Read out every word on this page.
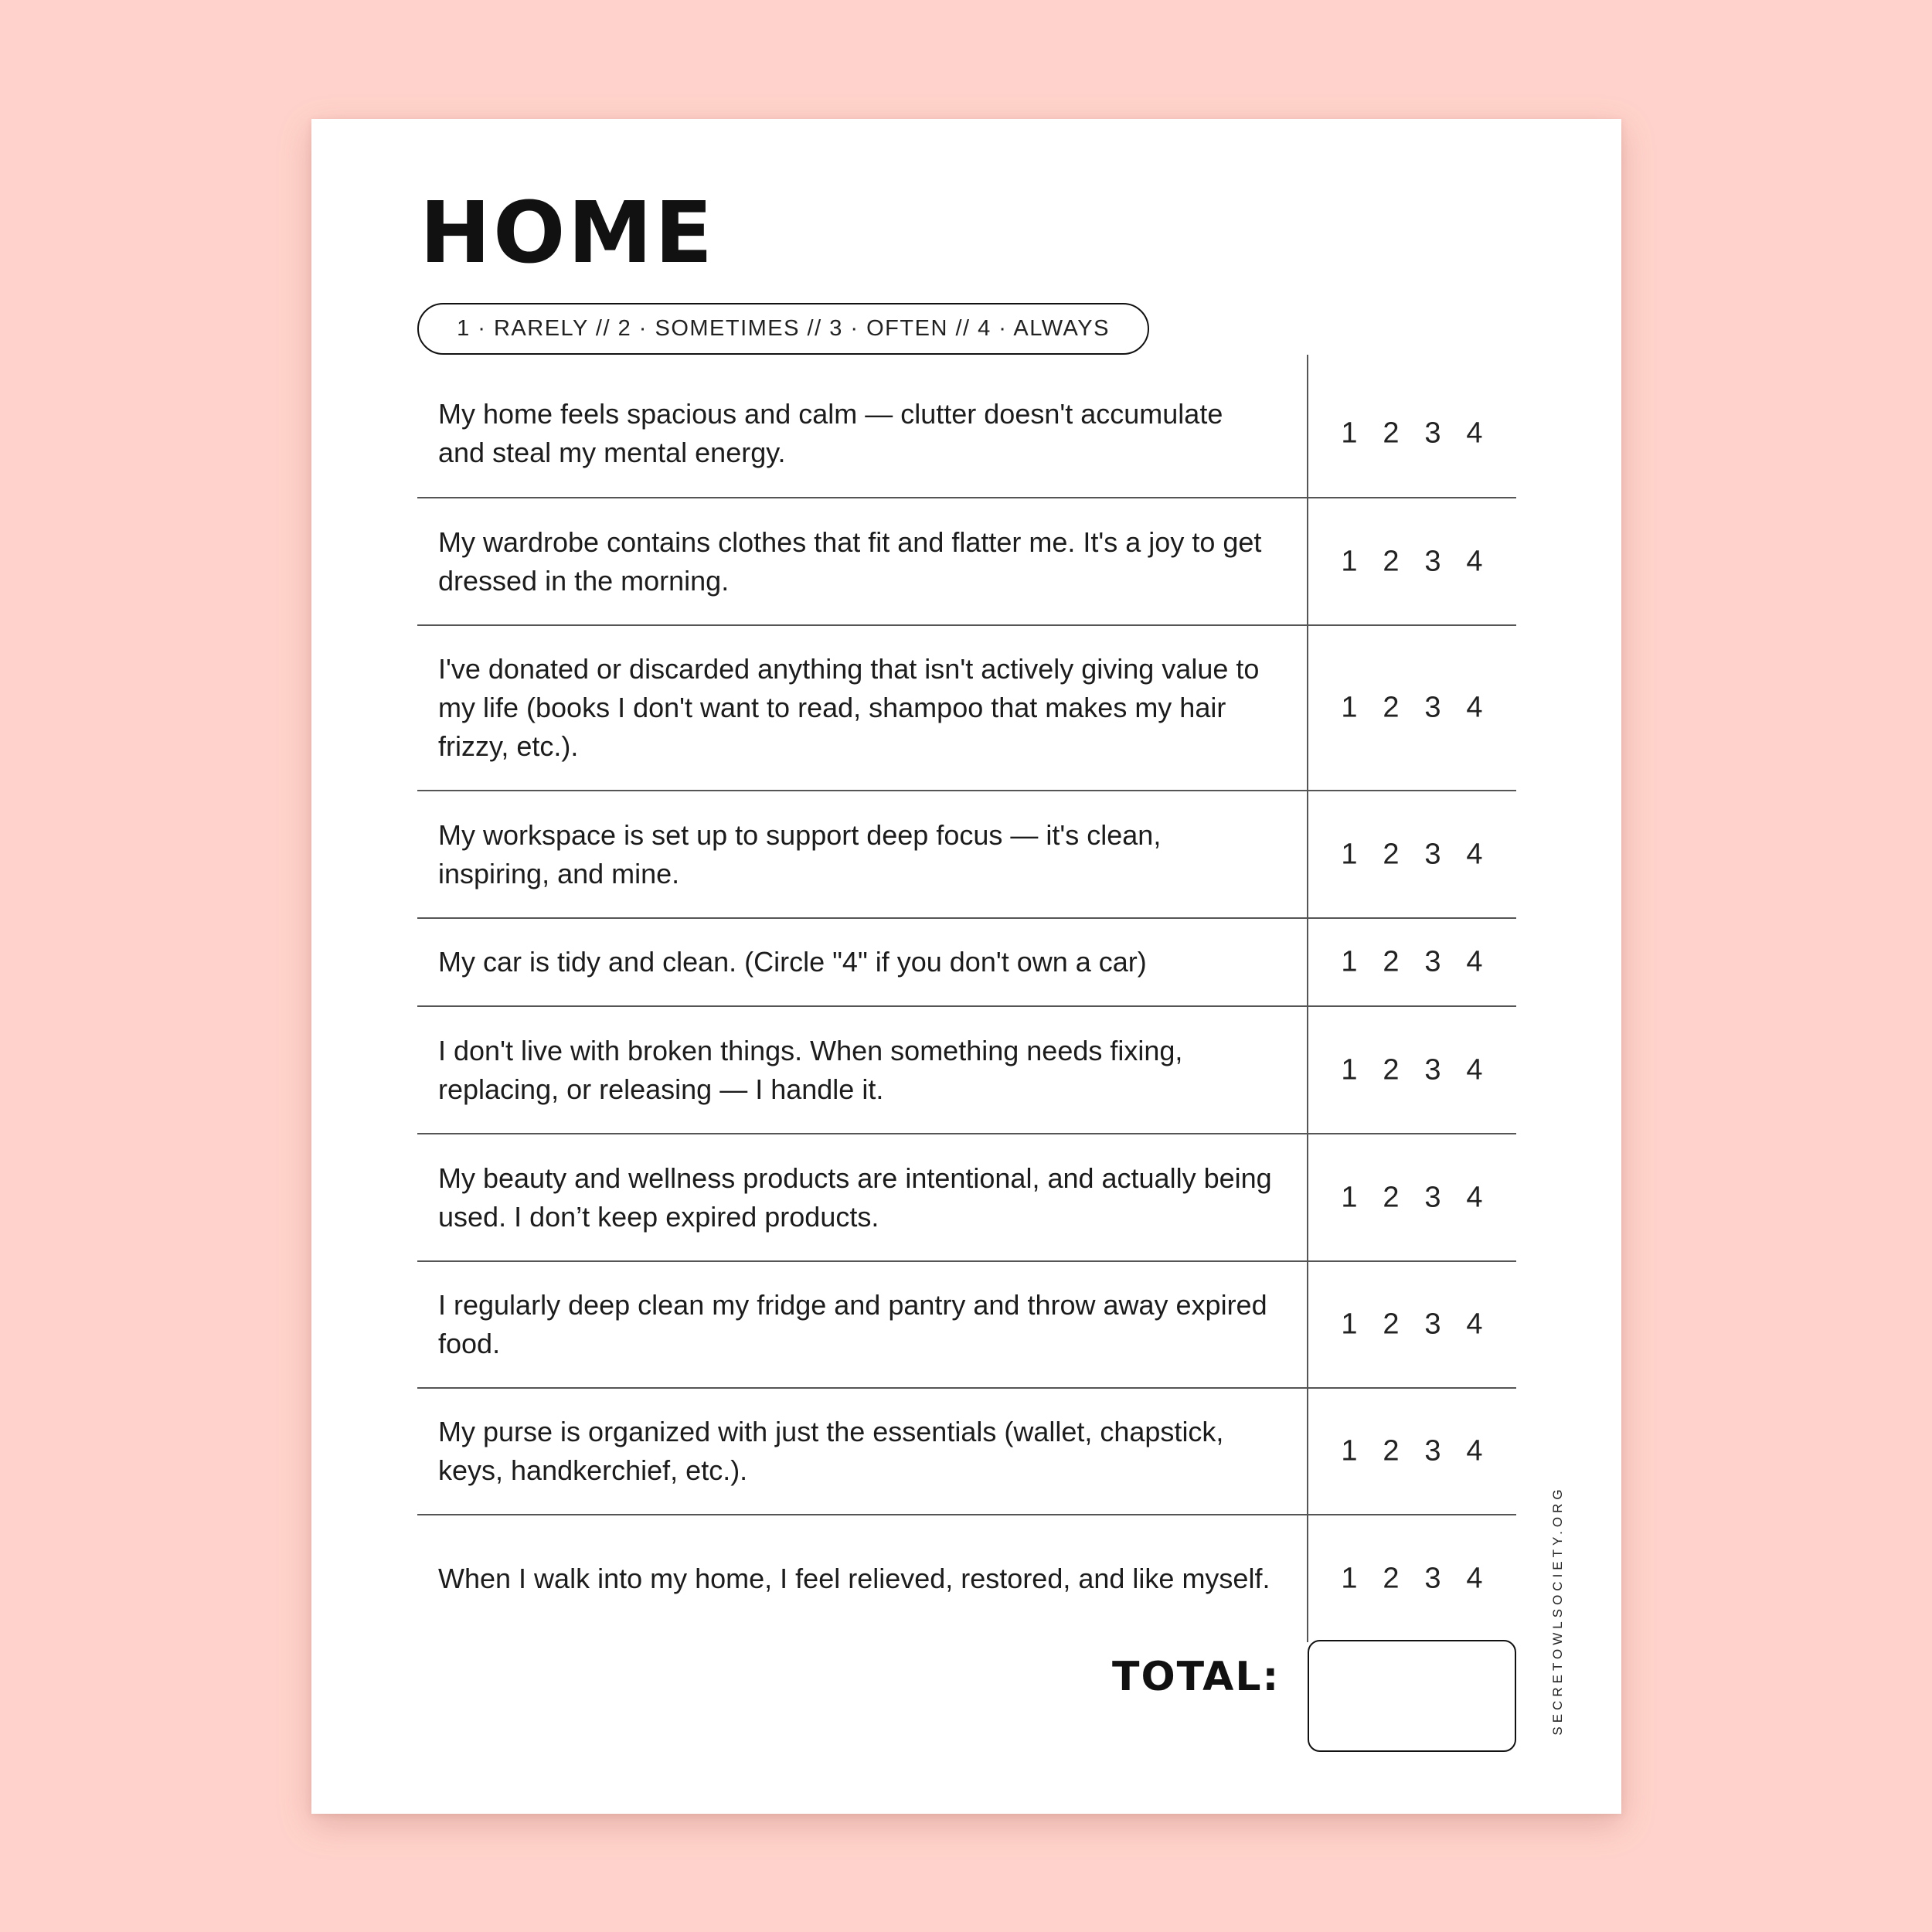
HOME
1 · RARELY // 2 · SOMETIMES // 3 · OFTEN // 4 · ALWAYS
My home feels spacious and calm — clutter doesn't accumulate and steal my mental energy.
1 2 3 4
My wardrobe contains clothes that fit and flatter me. It's a joy to get dressed in the morning.
1 2 3 4
I've donated or discarded anything that isn't actively giving value to my life (books I don't want to read, shampoo that makes my hair frizzy, etc.).
1 2 3 4
My workspace is set up to support deep focus — it's clean, inspiring, and mine.
1 2 3 4
My car is tidy and clean. (Circle "4" if you don't own a car)	1 2 3 4
I don't live with broken things. When something needs fixing, replacing, or releasing — I handle it.
1 2 3 4
My beauty and wellness products are intentional, and actually being used. I don’t keep expired products.
1 2 3 4
I regularly deep clean my fridge and pantry and throw away expired food.
1 2 3 4
My purse is organized with just the essentials (wallet, chapstick, keys, handkerchief, etc.).
1 2 3 4
When I walk into my home, I feel relieved, restored, and like myself.	1 2 3 4
TOTAL:	SECRETOWLSOCIETY.ORG
